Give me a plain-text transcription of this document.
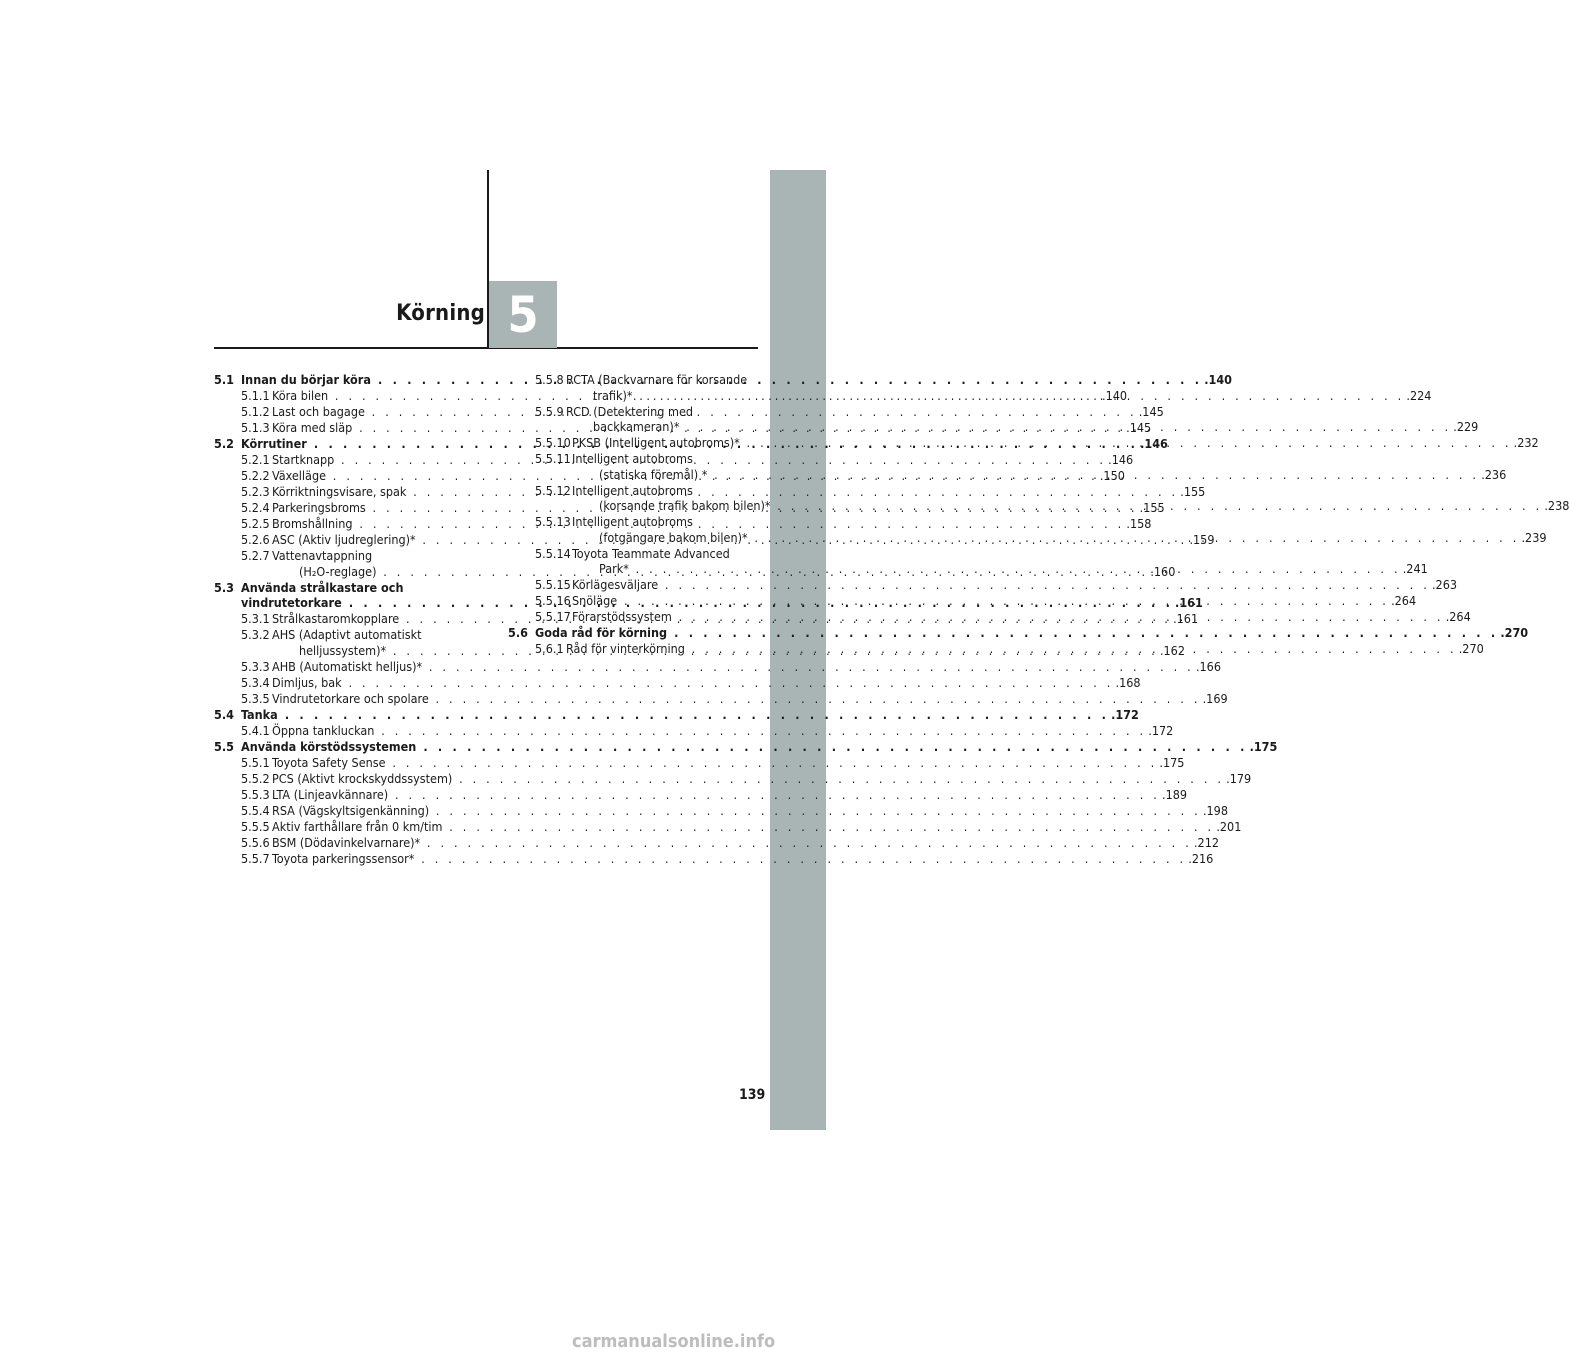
Körning 5
5.1 Innan du börjar köra . . .	.140
5.1.1 Köra bilen . . .	.140
5.1.2 Last och bagage . . .	.145
5.1.3 Köra med släp . . .	.145
5.2 Körrutiner . . .	.146
5.2.1 Startknapp . . .	.146
5.2.2 Växelläge . . .	.150
5.2.3 Körriktningsvisare, spak . . .	.155
5.2.4 Parkeringsbroms . . .	.155
5.2.5 Bromshållning . . .	.158
5.2.6 ASC (Aktiv ljudreglering)* . . .	.159
5.2.7 Vattenavtappning
(H₂O-reglage) . . .	.160
5.3 Använda strålkastare och
vindrutetorkare . . .	.161
5.3.1 Strålkastaromkopplare . . .	.161
5.3.2 AHS (Adaptivt automatiskt
helljussystem)* . . .	.162
5.3.3 AHB (Automatiskt helljus)* . . .	.166
5.3.4 Dimljus, bak . . .	.168
5.3.5 Vindrutetorkare och spolare . . .	.169
5.4 Tanka . . .	.172
5.4.1 Öppna tankluckan . . .	.172
5.5 Använda körstödssystemen . . .	.175
5.5.1 Toyota Safety Sense . . .	.175
5.5.2 PCS (Aktivt krockskyddssystem) . . .	.179
5.5.3 LTA (Linjeavkännare) . . .	.189
5.5.4 RSA (Vägskyltsigenkänning) . . .	.198
5.5.5 Aktiv farthållare från 0 km/tim . . .	.201
5.5.6 BSM (Dödavinkelvarnare)* . . .	.212
5.5.7 Toyota parkeringssensor* . . .	.216
5.5.8 RCTA (Backvarnare för korsande
trafik)* . . .	.224
5.5.9 RCD (Detektering med
backkameran)* . . .	.229
5.5.10 PKSB (Intelligent autobroms)* . . .	.232
5.5.11 Intelligent autobroms
(statiska föremål) * . . .	.236
5.5.12 Intelligent autobroms
(korsande trafik bakom bilen)* . . .	.238
5.5.13 Intelligent autobroms
(fotgängare bakom bilen)* . . .	.239
5.5.14 Toyota Teammate Advanced
Park* . . .	.241
5.5.15 Körlägesväljare . . .	.263
5.5.16 Snöläge . . .	.264
5.5.17 Förarstödssystem . . .	.264
5.6 Goda råd för körning . . .	.270
5.6.1 Råd för vinterkörning . . .	.270
139
carmanualsonline.info
